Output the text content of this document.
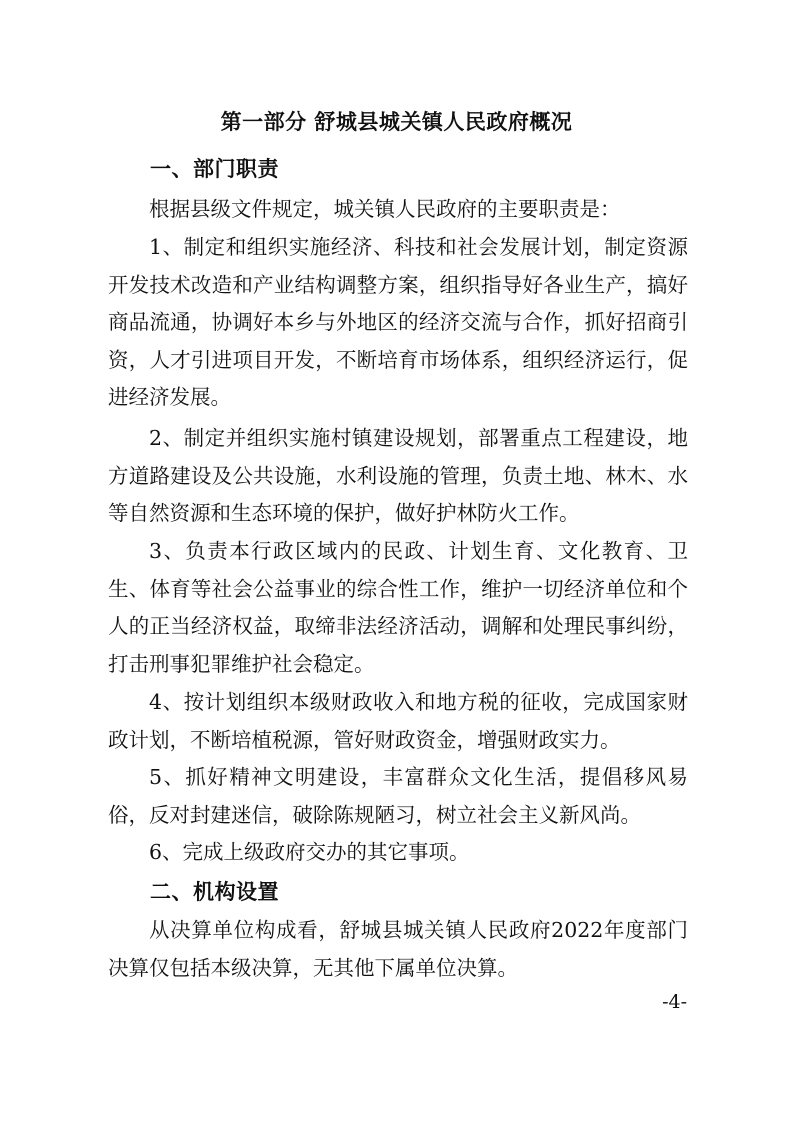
第一部分 舒城县城关镇人民政府概况
一、部门职责

根据县级文件规定，城关镇人民政府的主要职责是：

1、制定和组织实施经济、科技和社会发展计划，制定资源开发技术改造和产业结构调整方案，组织指导好各业生产，搞好商品流通，协调好本乡与外地区的经济交流与合作，抓好招商引资，人才引进项目开发，不断培育市场体系，组织经济运行，促进经济发展。

2、制定并组织实施村镇建设规划，部署重点工程建设，地方道路建设及公共设施，水利设施的管理，负责土地、林木、水等自然资源和生态环境的保护，做好护林防火工作。

3、负责本行政区域内的民政、计划生育、文化教育、卫生、体育等社会公益事业的综合性工作，维护一切经济单位和个人的正当经济权益，取缔非法经济活动，调解和处理民事纠纷，打击刑事犯罪维护社会稳定。

4、按计划组织本级财政收入和地方税的征收，完成国家财政计划，不断培植税源，管好财政资金，增强财政实力。

5、抓好精神文明建设，丰富群众文化生活，提倡移风易俗，反对封建迷信，破除陈规陋习，树立社会主义新风尚。

6、完成上级政府交办的其它事项。

二、机构设置

从决算单位构成看，舒城县城关镇人民政府2022年度部门决算仅包括本级决算，无其他下属单位决算。

-4-
